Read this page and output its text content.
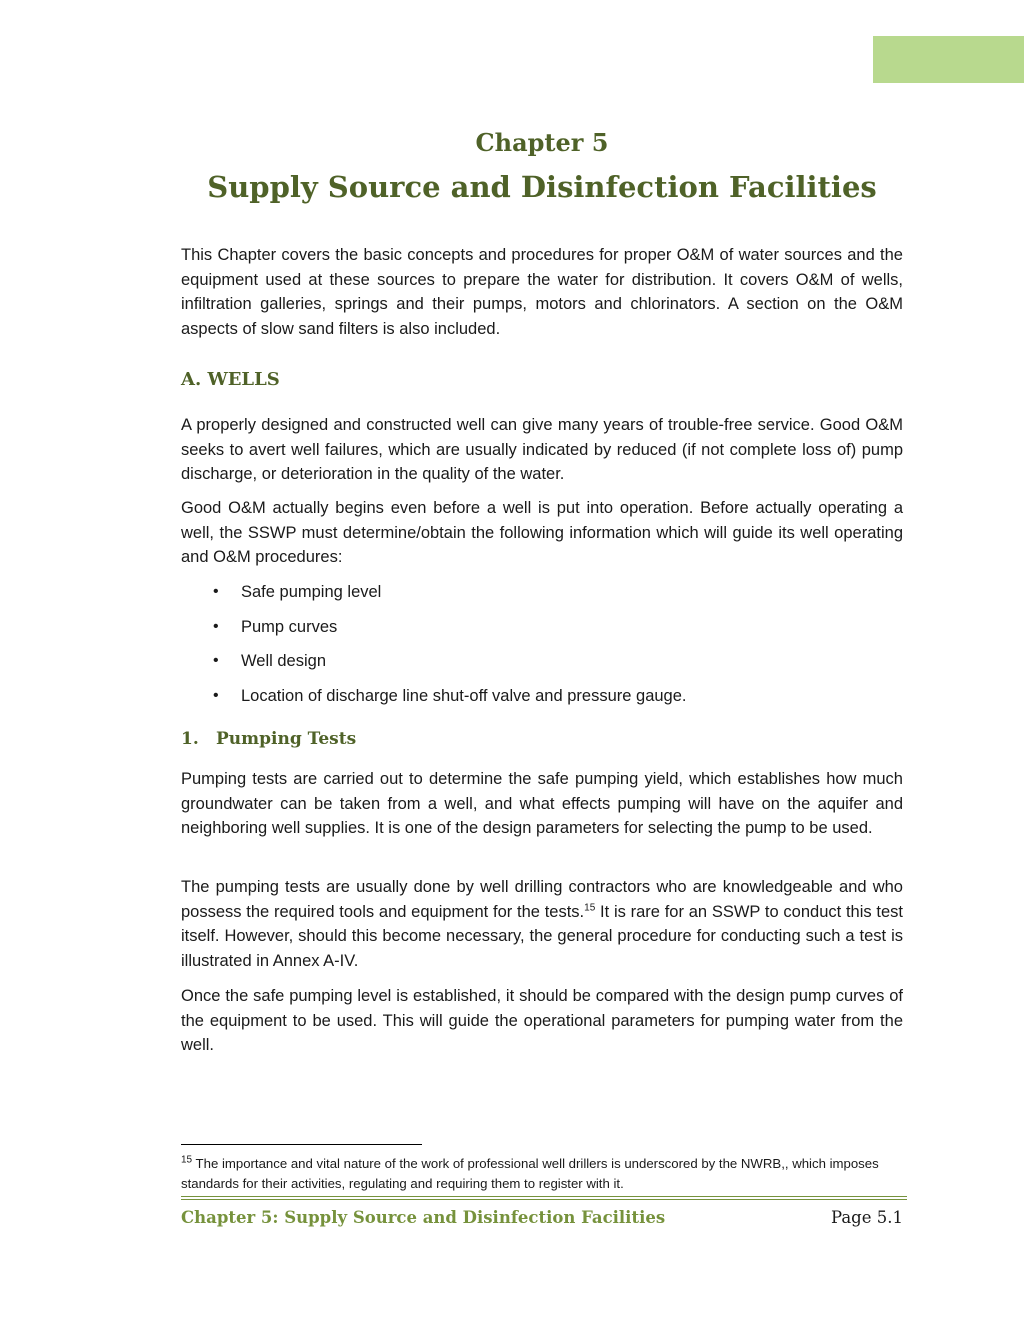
Chapter 5
Supply Source and Disinfection Facilities

This Chapter covers the basic concepts and procedures for proper O&M of water sources and the equipment used at these sources to prepare the water for distribution. It covers O&M of wells, infiltration galleries, springs and their pumps, motors and chlorinators. A section on the O&M aspects of slow sand filters is also included.

A. WELLS

A properly designed and constructed well can give many years of trouble-free service. Good O&M seeks to avert well failures, which are usually indicated by reduced (if not complete loss of) pump discharge, or deterioration in the quality of the water.

Good O&M actually begins even before a well is put into operation. Before actually operating a well, the SSWP must determine/obtain the following information which will guide its well operating and O&M procedures:

• Safe pumping level
• Pump curves
• Well design
• Location of discharge line shut-off valve and pressure gauge.
1. Pumping Tests

Pumping tests are carried out to determine the safe pumping yield, which establishes how much groundwater can be taken from a well, and what effects pumping will have on the aquifer and neighboring well supplies. It is one of the design parameters for selecting the pump to be used.

The pumping tests are usually done by well drilling contractors who are knowledgeable and who possess the required tools and equipment for the tests.$^{15}$ It is rare for an SSWP to conduct this test itself. However, should this become necessary, the general procedure for conducting such a test is illustrated in Annex A-IV.

Once the safe pumping level is established, it should be compared with the design pump curves of the equipment to be used. This will guide the operational parameters for pumping water from the well.

$^{15}$ The importance and vital nature of the work of professional well drillers is underscored by the NWRB,, which imposes standards for their activities, regulating and requiring them to register with it.

Chapter 5: Supply Source and Disinfection Facilities	Page 5.1
